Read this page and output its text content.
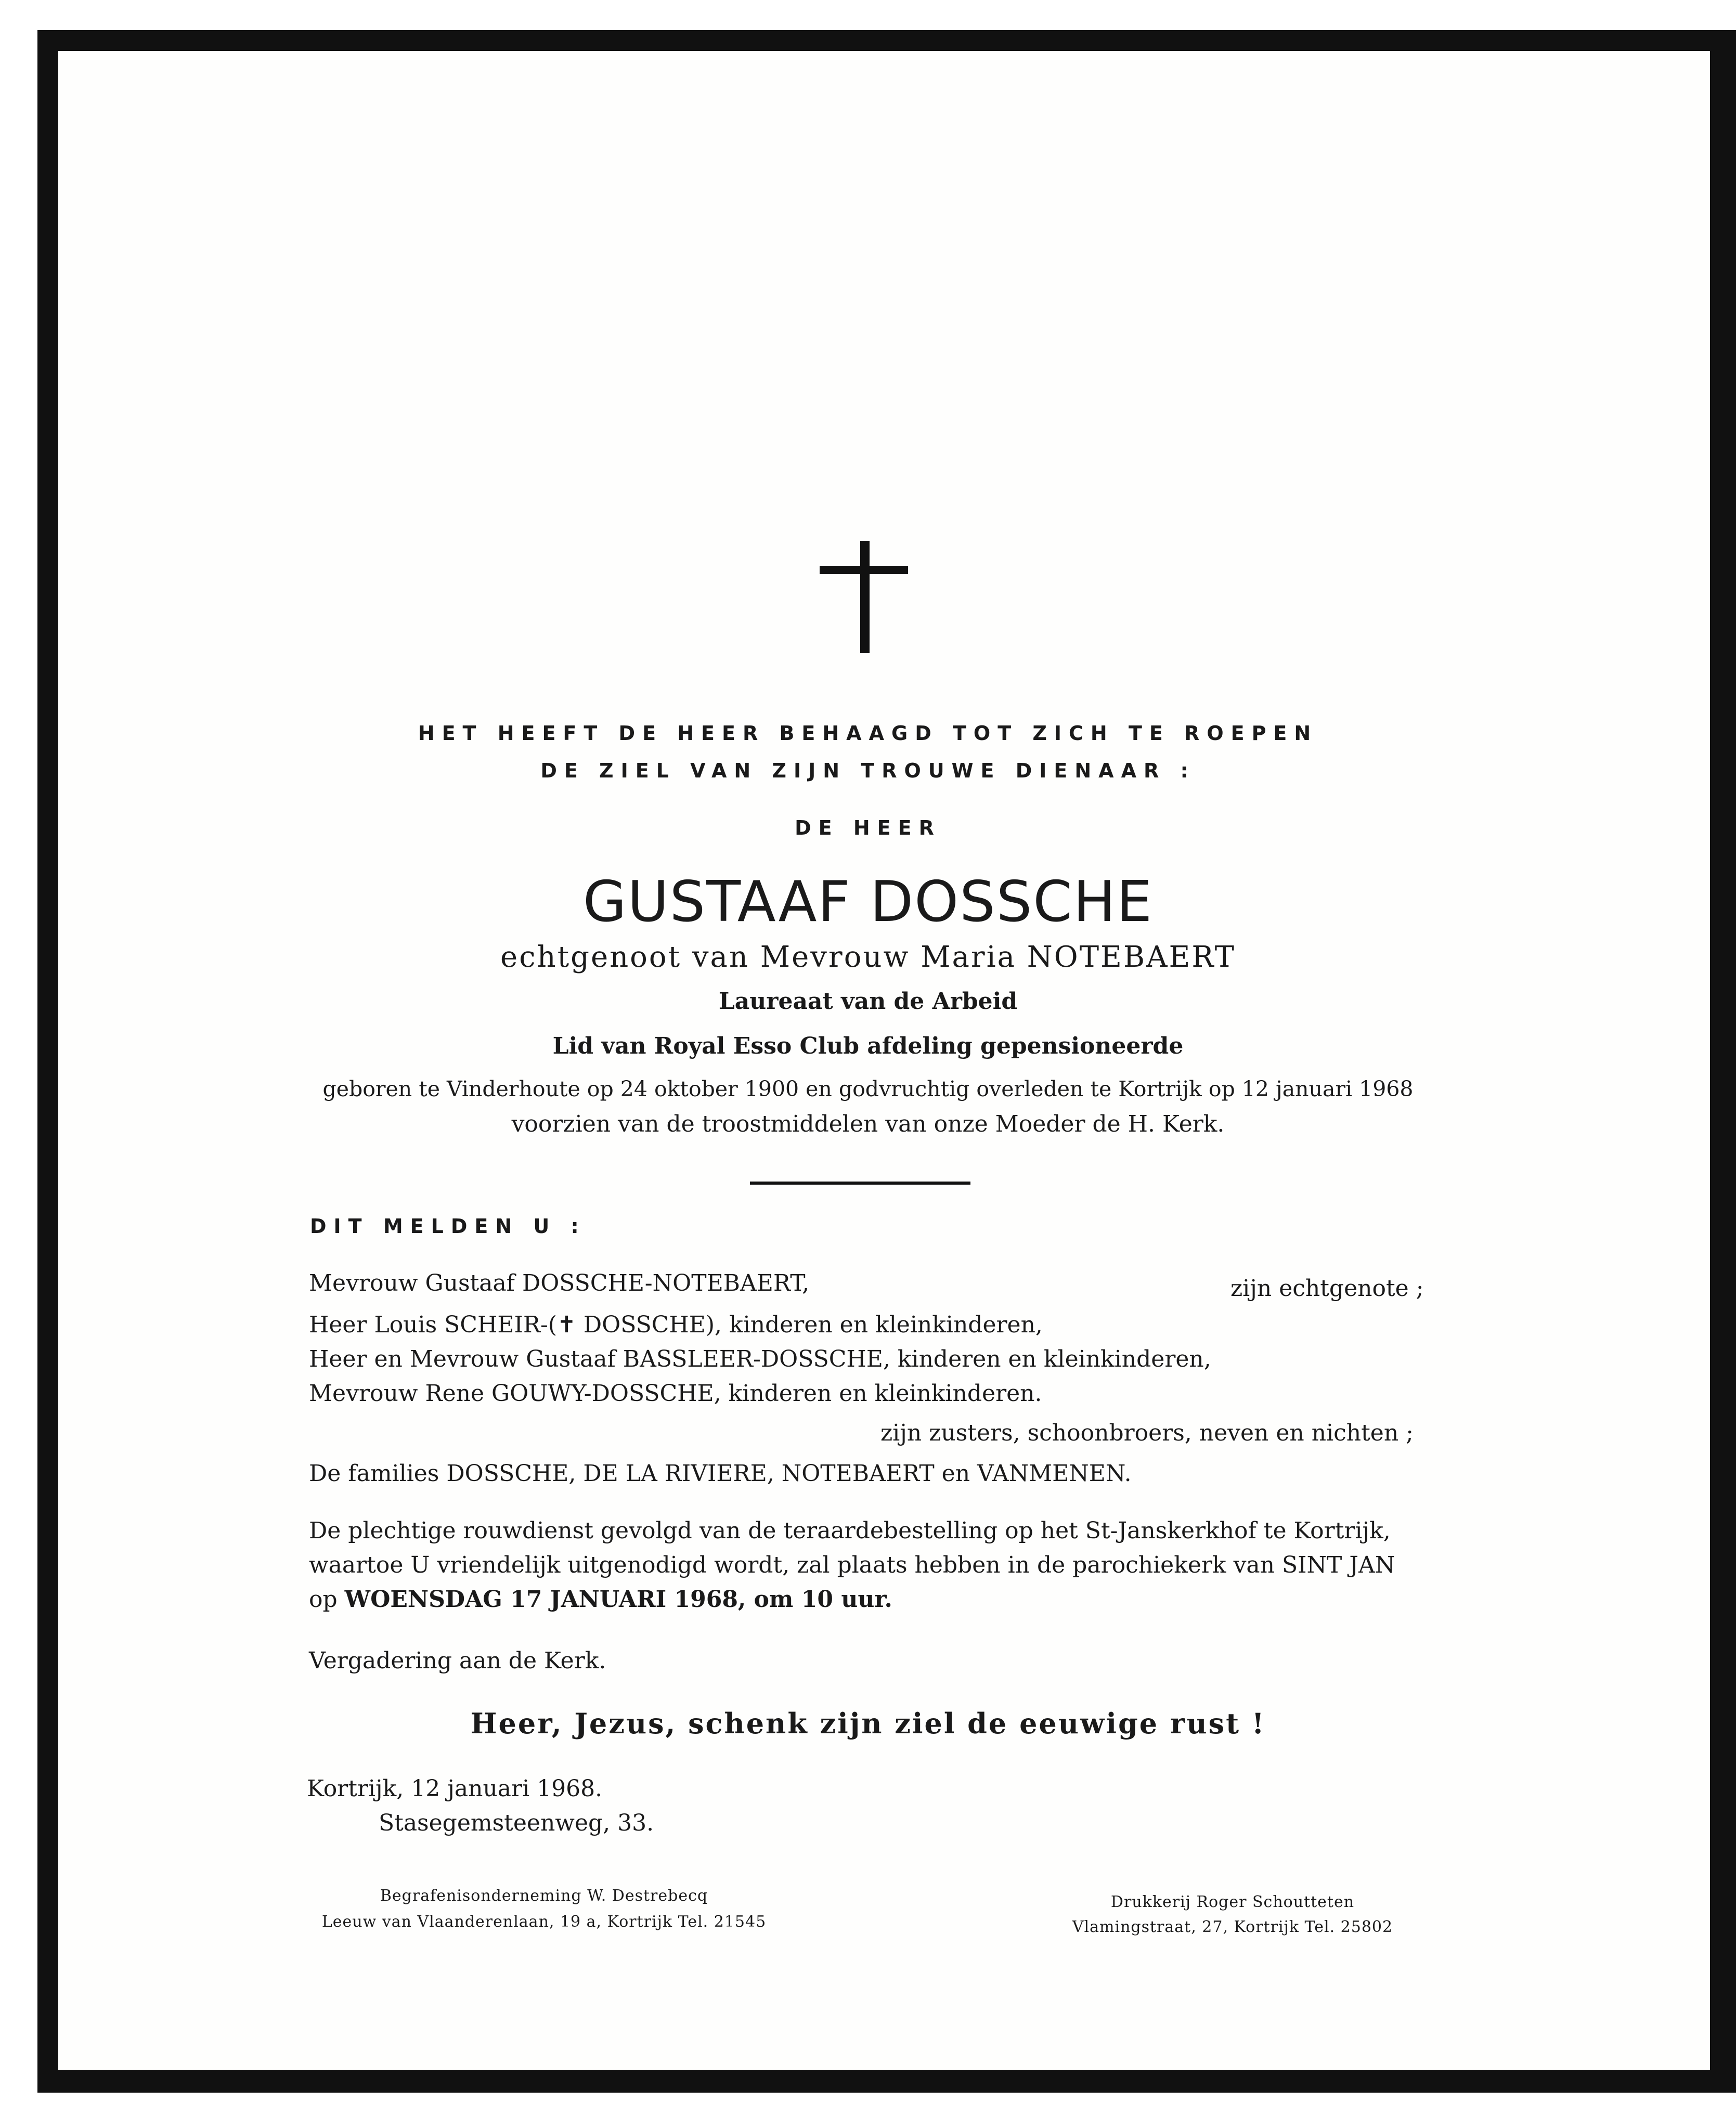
HET HEEFT DE HEER BEHAAGD TOT ZICH TE ROEPEN
DE ZIEL VAN ZIJN TROUWE DIENAAR :
DE HEER
GUSTAAF DOSSCHE
echtgenoot van Mevrouw Maria NOTEBAERT
Laureaat van de Arbeid
Lid van Royal Esso Club afdeling gepensioneerde
geboren te Vinderhoute op 24 oktober 1900 en godvruchtig overleden te Kortrijk op 12 januari 1968
voorzien van de troostmiddelen van onze Moeder de H. Kerk.
DIT MELDEN U :
Mevrouw Gustaaf DOSSCHE-NOTEBAERT,	zijn echtgenote ;
Heer Louis SCHEIR-(✝ DOSSCHE), kinderen en kleinkinderen,
Heer en Mevrouw Gustaaf BASSLEER-DOSSCHE, kinderen en kleinkinderen,
Mevrouw Rene GOUWY-DOSSCHE, kinderen en kleinkinderen.
zijn zusters, schoonbroers, neven en nichten ;
De families DOSSCHE, DE LA RIVIERE, NOTEBAERT en VANMENEN.
De plechtige rouwdienst gevolgd van de teraardebestelling op het St-Janskerkhof te Kortrijk,
waartoe U vriendelijk uitgenodigd wordt, zal plaats hebben in de parochiekerk van SINT JAN
op WOENSDAG 17 JANUARI 1968, om 10 uur.
Vergadering aan de Kerk.
Heer, Jezus, schenk zijn ziel de eeuwige rust !
Kortrijk, 12 januari 1968.
Stasegemsteenweg, 33.
Begrafenisonderneming W. Destrebecq
Leeuw van Vlaanderenlaan, 19 a, Kortrijk Tel. 21545
Drukkerij Roger Schoutteten
Vlamingstraat, 27, Kortrijk Tel. 25802
